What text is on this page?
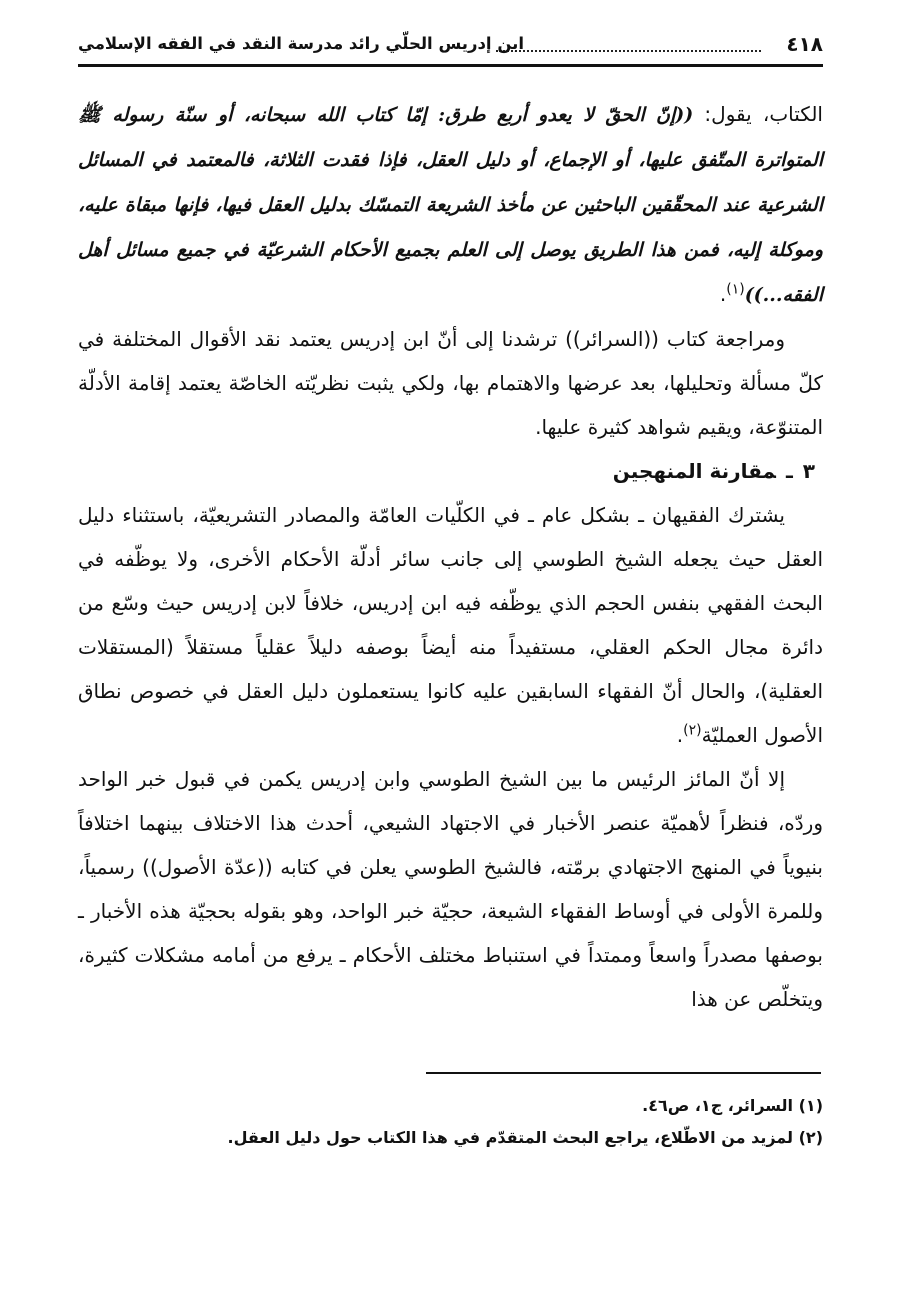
٤١٨
ابن إدريس الحلّي رائد مدرسة النقد في الفقه الإسلامي

الكتاب، يقول: ((إنّ الحقّ لا يعدو أربع طرق: إمّا كتاب الله سبحانه، أو سنّة رسوله ﷺ المتواترة المتّفق عليها، أو الإجماع، أو دليل العقل، فإذا فقدت الثلاثة، فالمعتمد في المسائل الشرعية عند المحقّقين الباحثين عن مأخذ الشريعة التمسّك بدليل العقل فيها، فإنها مبقاة عليه، وموكلة إليه، فمن هذا الطريق يوصل إلى العلم بجميع الأحكام الشرعيّة في جميع مسائل أهل الفقه...))$^{(١)}$.

ومراجعة كتاب ((السرائر)) ترشدنا إلى أنّ ابن إدريس يعتمد نقد الأقوال المختلفة في كلّ مسألة وتحليلها، بعد عرضها والاهتمام بها، ولكي يثبت نظريّته الخاصّة يعتمد إقامة الأدلّة المتنوّعة، ويقيم شواهد كثيرة عليها.

٣ـمقارنة المنهجين

يشترك الفقيهان ـ بشكل عام ـ في الكلّيات العامّة والمصادر التشريعيّة، باستثناء دليل العقل حيث يجعله الشيخ الطوسي إلى جانب سائر أدلّة الأحكام الأخرى، ولا يوظّفه في البحث الفقهي بنفس الحجم الذي يوظّفه فيه ابن إدريس، خلافاً لابن إدريس حيث وسّع من دائرة مجال الحكم العقلي، مستفيداً منه أيضاً بوصفه دليلاً عقلياً مستقلاً (المستقلات العقلية)، والحال أنّ الفقهاء السابقين عليه كانوا يستعملون دليل العقل في خصوص نطاق الأصول العمليّة$^{(٢)}$.

إلا أنّ المائز الرئيس ما بين الشيخ الطوسي وابن إدريس يكمن في قبول خبر الواحد وردّه، فنظراً لأهميّة عنصر الأخبار في الاجتهاد الشيعي، أحدث هذا الاختلاف بينهما اختلافاً بنيوياً في المنهج الاجتهادي برمّته، فالشيخ الطوسي يعلن في كتابه ((عدّة الأصول)) رسمياً، وللمرة الأولى في أوساط الفقهاء الشيعة، حجيّة خبر الواحد، وهو بقوله بحجيّة هذه الأخبار ـ بوصفها مصدراً واسعاً وممتداً في استنباط مختلف الأحكام ـ يرفع من أمامه مشكلات كثيرة، ويتخلّص عن هذا

(١) السرائر، ج١، ص٤٦.

(٢) لمزيد من الاطّلاع، يراجع البحث المتقدّم في هذا الكتاب حول دليل العقل.
